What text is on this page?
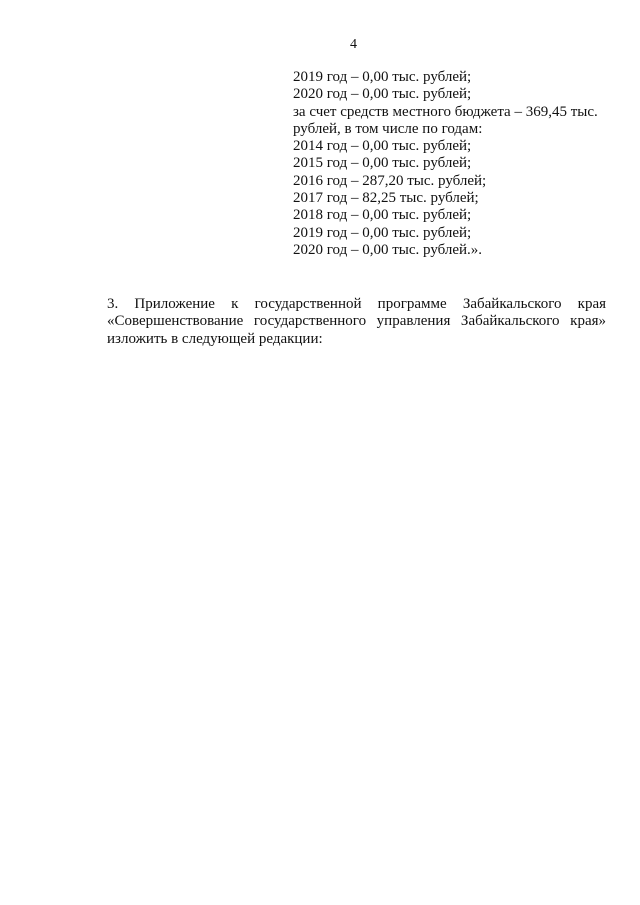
4
2019 год – 0,00 тыс. рублей;
2020 год – 0,00 тыс. рублей;
за счет средств местного бюджета – 369,45 тыс.
рублей, в том числе по годам:
2014 год – 0,00 тыс. рублей;
2015 год – 0,00 тыс. рублей;
2016 год – 287,20 тыс. рублей;
2017 год – 82,25 тыс. рублей;
2018 год – 0,00 тыс. рублей;
2019 год – 0,00 тыс. рублей;
2020 год – 0,00 тыс. рублей.».
3. Приложение к государственной программе Забайкальского края
«Совершенствование государственного управления Забайкальского края»
изложить в следующей редакции:
